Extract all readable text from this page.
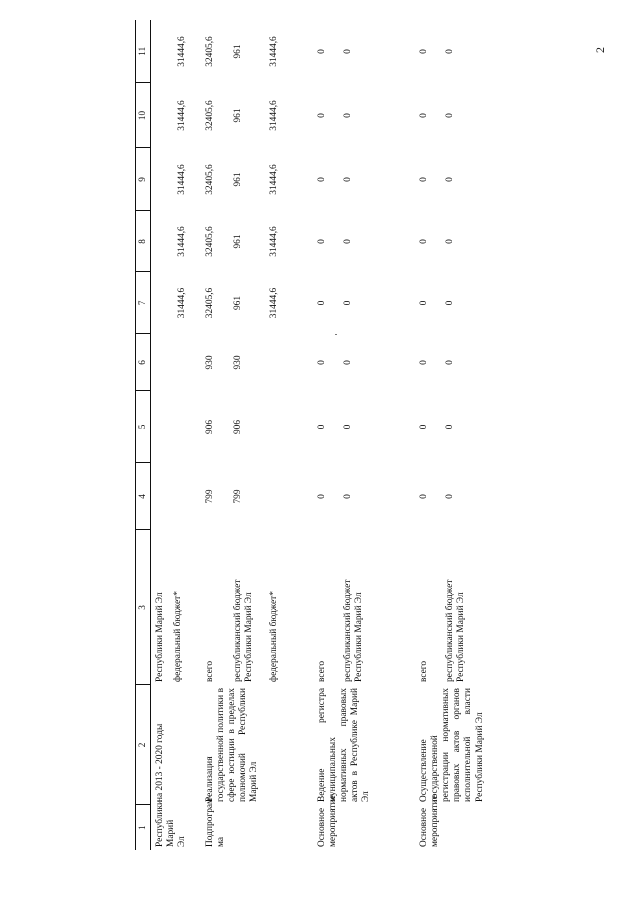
2
1	2	3	4	5	6	7	8	9	10	11
Республики Марий Эл	на 2013 - 2020 годы	Республики Марий Эл								
		федеральный бюджет*				31444,6	31444,6	31444,6	31444,6	31444,6
Подпрограм-ма	Реализация государственной политики в сфере юстиции в пределах полномочий Республики Марий Эл	всего	799	906	930	32405,6	32405,6	32405,6	32405,6	32405,6
		республиканский бюджет Республики Марий Эл	799	906	930	961	961	961	961	961
		федеральный бюджет*				31444,6	31444,6	31444,6	31444,6	31444,6
Основное мероприятие	Ведение регистра муниципальных нормативных правовых актов в Республике Марий Эл	всего	0	0	0	0	0	0	0	0
		республиканский бюджет Республики Марий Эл	0	0	0	0	0	0	0	0
Основное мероприятие	Осуществление государственной регистрации нормативных правовых актов органов исполнительной власти Республики Марий Эл	всего	0	0	0	0	0	0	0	0
		республиканский бюджет Республики Марий Эл	0	0	0	0	0	0	0	0
